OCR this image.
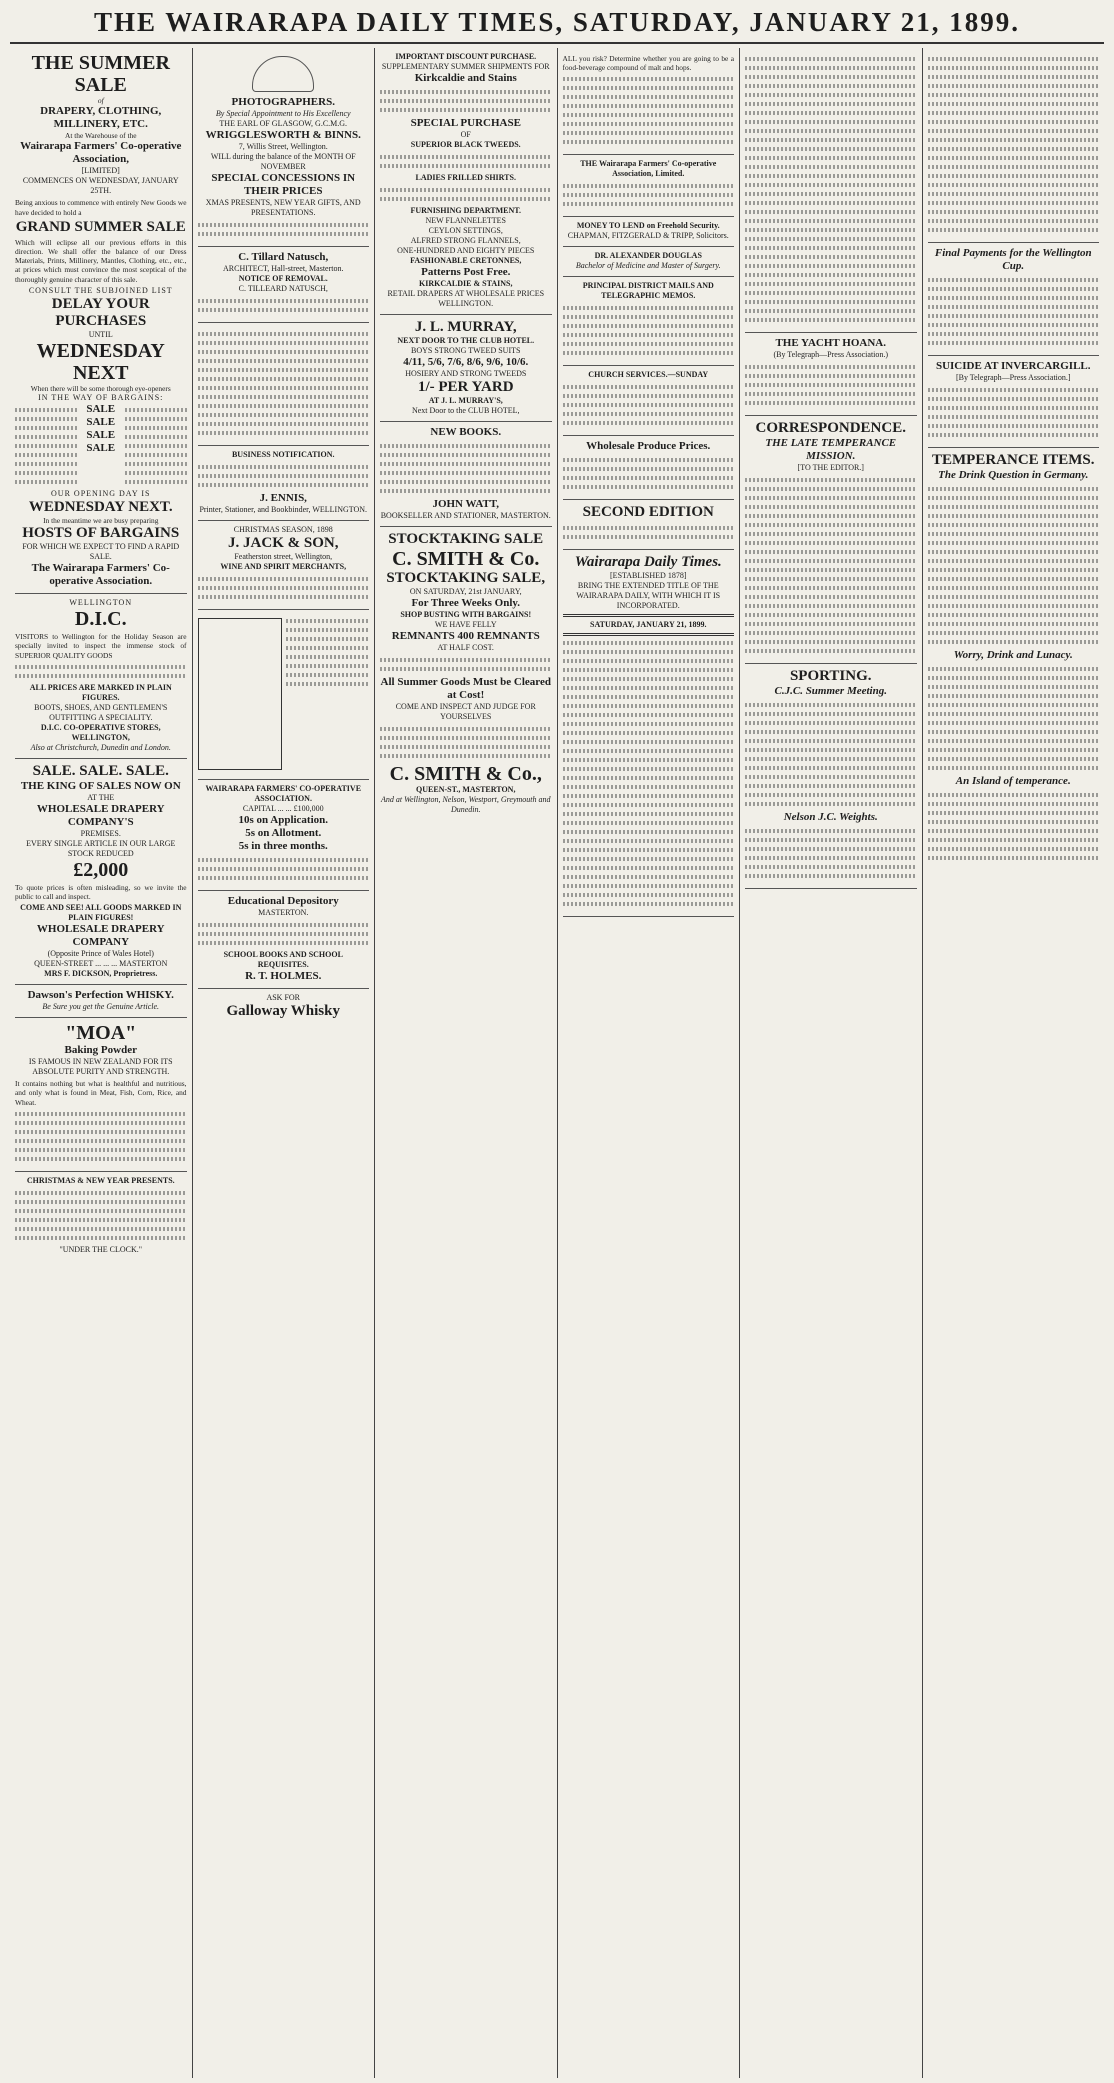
THE WAIRARAPA DAILY TIMES, SATURDAY, JANUARY 21, 1899.
THE SUMMER SALE
of
DRAPERY, CLOTHING, MILLINERY, ETC.
At the Warehouse of the
Wairarapa Farmers' Co-operative Association,
[LIMITED]
COMMENCES ON WEDNESDAY, JANUARY 25TH.

Being anxious to commence with entirely New Goods we have decided to hold a

GRAND SUMMER SALE

Which will eclipse all our previous efforts in this direction. We shall offer the balance of our Dress Materials, Prints, Millinery, Mantles, Clothing, etc., etc., at prices which must convince the most sceptical of the thoroughly genuine character of this sale.

CONSULT THE SUBJOINED LIST
DELAY YOUR PURCHASES
UNTIL
WEDNESDAY NEXT
When there will be some thorough eye-openers
IN THE WAY OF BARGAINS:
SALE
SALE
SALE
SALE
OUR OPENING DAY IS
WEDNESDAY NEXT.
In the meantime we are busy preparing
HOSTS OF BARGAINS
FOR WHICH WE EXPECT TO FIND A RAPID SALE.
The Wairarapa Farmers' Co-operative Association.
WELLINGTON
D.I.C.

VISITORS to Wellington for the Holiday Season are specially invited to inspect the immense stock of SUPERIOR QUALITY GOODS

ALL PRICES ARE MARKED IN PLAIN FIGURES.
BOOTS, SHOES, AND GENTLEMEN'S OUTFITTING A SPECIALITY.
D.I.C. CO-OPERATIVE STORES, WELLINGTON,
Also at Christchurch, Dunedin and London.
SALE. SALE. SALE.
THE KING OF SALES NOW ON
AT THE
WHOLESALE DRAPERY COMPANY'S
PREMISES.
EVERY SINGLE ARTICLE IN OUR LARGE STOCK REDUCED
£2,000

To quote prices is often misleading, so we invite the public to call and inspect.

COME AND SEE! ALL GOODS MARKED IN PLAIN FIGURES!
WHOLESALE DRAPERY COMPANY
(Opposite Prince of Wales Hotel)
QUEEN-STREET ... ... ... MASTERTON
MRS F. DICKSON, Proprietress.
Dawson's Perfection WHISKY.
Be Sure you get the Genuine Article.
"MOA"
Baking Powder
IS FAMOUS IN NEW ZEALAND FOR ITS ABSOLUTE PURITY AND STRENGTH.

It contains nothing but what is healthful and nutritious, and only what is found in Meat, Fish, Corn, Rice, and Wheat.

CHRISTMAS & NEW YEAR PRESENTS.
"UNDER THE CLOCK."
PHOTOGRAPHERS.
By Special Appointment to His Excellency
THE EARL OF GLASGOW, G.C.M.G.
WRIGGLESWORTH & BINNS.
7, Willis Street, Wellington.
WILL during the balance of the MONTH OF NOVEMBER
SPECIAL CONCESSIONS IN THEIR PRICES
XMAS PRESENTS, NEW YEAR GIFTS, AND PRESENTATIONS.
C. Tillard Natusch,
ARCHITECT, Hall-street, Masterton.
NOTICE OF REMOVAL.
C. TILLEARD NATUSCH,
BUSINESS NOTIFICATION.
J. ENNIS,
Printer, Stationer, and Bookbinder, WELLINGTON.
CHRISTMAS SEASON, 1898
J. JACK & SON,
Featherston street, Wellington,
WINE AND SPIRIT MERCHANTS,
WAIRARAPA FARMERS' CO-OPERATIVE ASSOCIATION.
CAPITAL ... ... £100,000
10s on Application.
5s on Allotment.
5s in three months.
Educational Depository
MASTERTON.
SCHOOL BOOKS AND SCHOOL REQUISITES.
R. T. HOLMES.
ASK FOR
Galloway Whisky
IMPORTANT DISCOUNT PURCHASE.
SUPPLEMENTARY SUMMER SHIPMENTS FOR
Kirkcaldie and Stains
SPECIAL PURCHASE
OF
SUPERIOR BLACK TWEEDS.
LADIES FRILLED SHIRTS.
FURNISHING DEPARTMENT.
NEW FLANNELETTES
CEYLON SETTINGS,
ALFRED STRONG FLANNELS,
ONE-HUNDRED AND EIGHTY PIECES
FASHIONABLE CRETONNES,
Patterns Post Free.
KIRKCALDIE & STAINS,
RETAIL DRAPERS AT WHOLESALE PRICES WELLINGTON.
J. L. MURRAY,
NEXT DOOR TO THE CLUB HOTEL.
BOYS STRONG TWEED SUITS
4/11, 5/6, 7/6, 8/6, 9/6, 10/6.
HOSIERY AND STRONG TWEEDS
1/- PER YARD
AT J. L. MURRAY'S,
Next Door to the CLUB HOTEL,
NEW BOOKS.
JOHN WATT,
BOOKSELLER AND STATIONER, MASTERTON.
STOCKTAKING SALE
C. SMITH & Co.
STOCKTAKING SALE,
ON SATURDAY, 21st JANUARY,
For Three Weeks Only.
SHOP BUSTING WITH BARGAINS!
WE HAVE FELLY
REMNANTS 400 REMNANTS
AT HALF COST.
All Summer Goods Must be Cleared at Cost!
COME AND INSPECT AND JUDGE FOR YOURSELVES
C. SMITH & Co.,
QUEEN-ST., MASTERTON,
And at Wellington, Nelson, Westport, Greymouth and Dunedin.

ALL you risk? Determine whether you are going to be a food-beverage compound of malt and hops.

THE Wairarapa Farmers' Co-operative Association, Limited.
MONEY TO LEND on Freehold Security.
CHAPMAN, FITZGERALD & TRIPP, Solicitors.
DR. ALEXANDER DOUGLAS
Bachelor of Medicine and Master of Surgery.
PRINCIPAL DISTRICT MAILS AND TELEGRAPHIC MEMOS.
CHURCH SERVICES.—SUNDAY
Wholesale Produce Prices.
SECOND EDITION
Wairarapa Daily Times.
[ESTABLISHED 1878]
BRING THE EXTENDED TITLE OF THE WAIRARAPA DAILY, WITH WHICH IT IS INCORPORATED.
SATURDAY, JANUARY 21, 1899.
THE YACHT HOANA.
(By Telegraph—Press Association.)
CORRESPONDENCE.
THE LATE TEMPERANCE MISSION.
[TO THE EDITOR.]
SPORTING.
C.J.C. Summer Meeting.
Nelson J.C. Weights.
Final Payments for the Wellington Cup.
SUICIDE AT INVERCARGILL.
[By Telegraph—Press Association.]
TEMPERANCE ITEMS.
The Drink Question in Germany.
Worry, Drink and Lunacy.
An Island of temperance.
